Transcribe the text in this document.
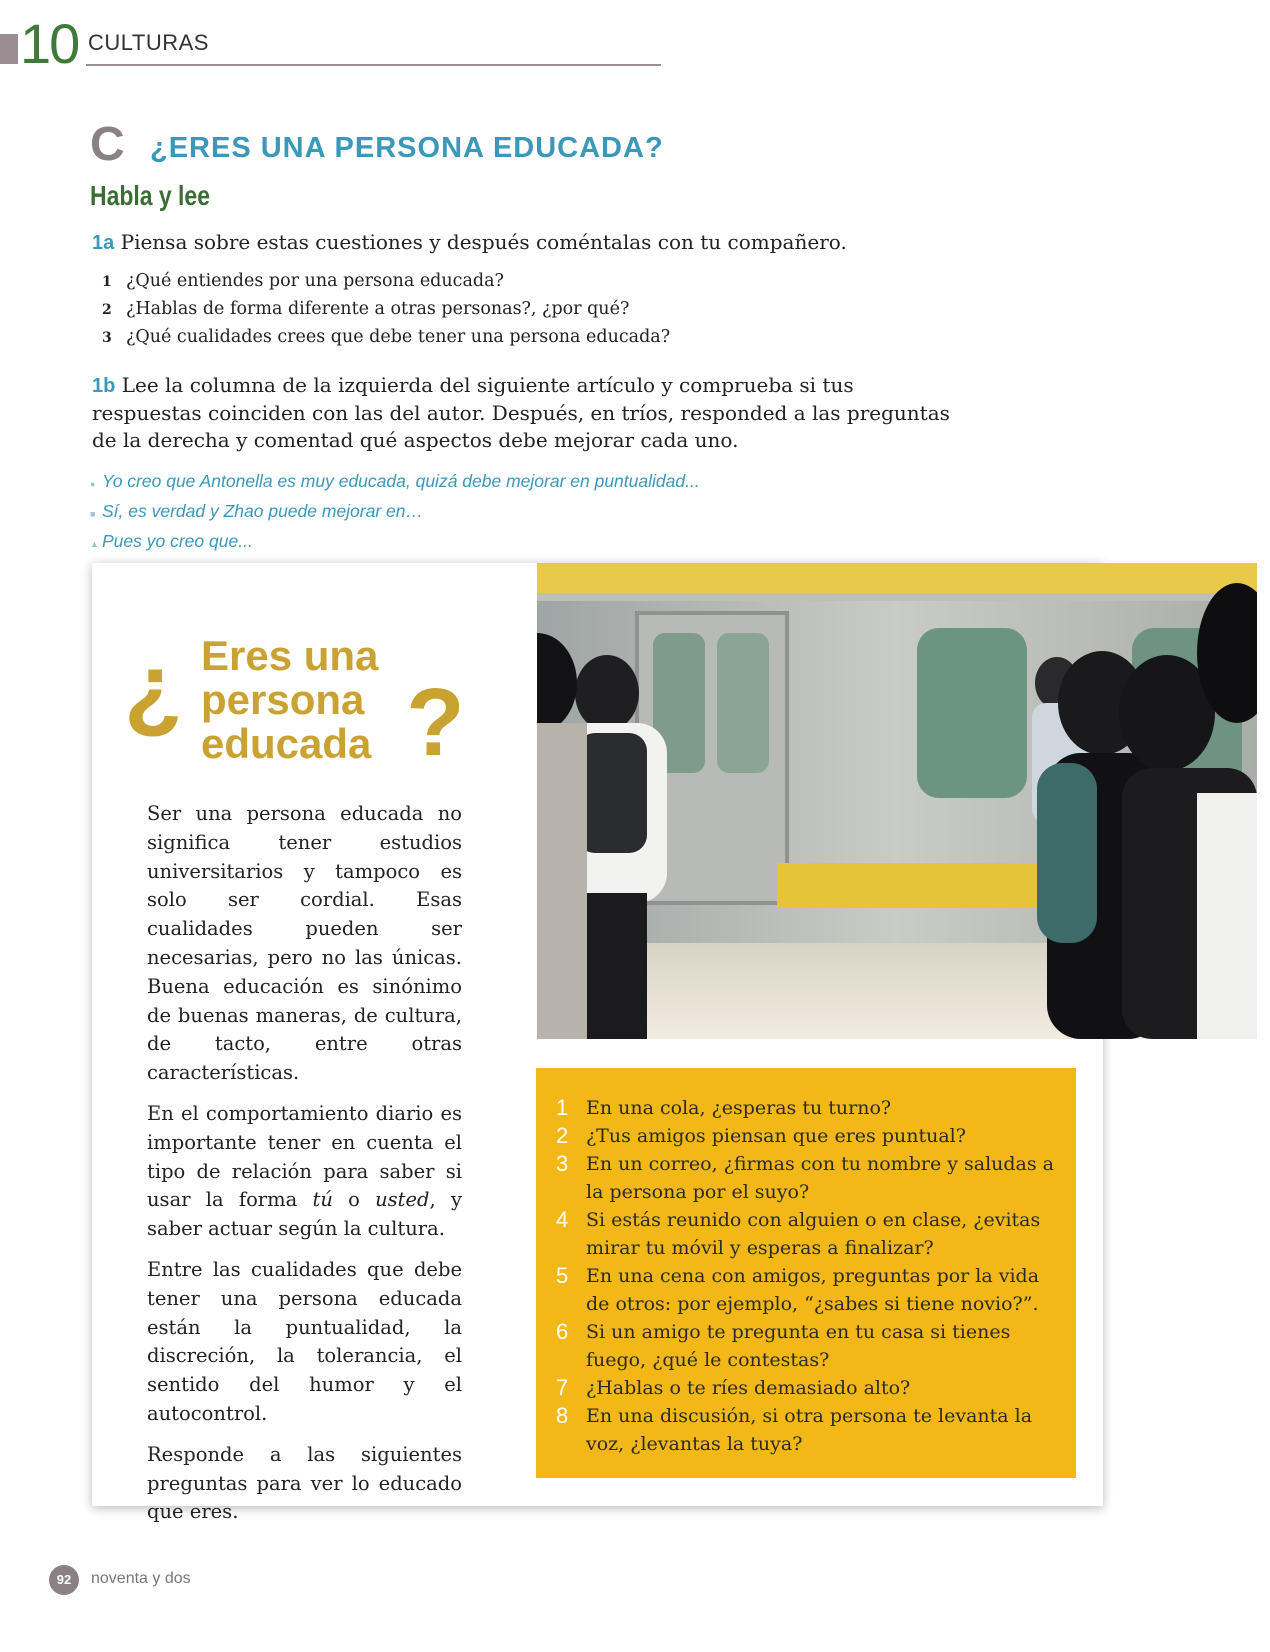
10 CULTURAS
C ¿ERES UNA PERSONA EDUCADA?
Habla y lee
1a Piensa sobre estas cuestiones y después coméntalas con tu compañero.
1 ¿Qué entiendes por una persona educada?
2 ¿Hablas de forma diferente a otras personas?, ¿por qué?
3 ¿Qué cualidades crees que debe tener una persona educada?
1b Lee la columna de la izquierda del siguiente artículo y comprueba si tus respuestas coinciden con las del autor. Después, en tríos, responded a las preguntas de la derecha y comentad qué aspectos debe mejorar cada uno.
● Yo creo que Antonella es muy educada, quizá debe mejorar en puntualidad...
■ Sí, es verdad y Zhao puede mejorar en…
▲ Pues yo creo que...
¿ Eres una
persona
educada ?

Ser una persona educada no significa tener estudios universitarios y tampoco es solo ser cordial. Esas cualidades pueden ser necesarias, pero no las únicas. Buena educación es sinónimo de buenas maneras, de cultura, de tacto, entre otras características.

En el comportamiento diario es importante tener en cuenta el tipo de relación para saber si usar la forma tú o usted, y saber actuar según la cultura.

Entre las cualidades que debe tener una persona educada están la puntualidad, la discreción, la tolerancia, el sentido del humor y el autocontrol.

Responde a las siguientes preguntas para ver lo educado que eres.

1 En una cola, ¿esperas tu turno?
2 ¿Tus amigos piensan que eres puntual?
3 En un correo, ¿firmas con tu nombre y saludas a la persona por el suyo?
4 Si estás reunido con alguien o en clase, ¿evitas mirar tu móvil y esperas a finalizar?
5 En una cena con amigos, preguntas por la vida de otros: por ejemplo, “¿sabes si tiene novio?”.
6 Si un amigo te pregunta en tu casa si tienes fuego, ¿qué le contestas?
7 ¿Hablas o te ríes demasiado alto?
8 En una discusión, si otra persona te levanta la voz, ¿levantas la tuya?
92	noventa y dos
